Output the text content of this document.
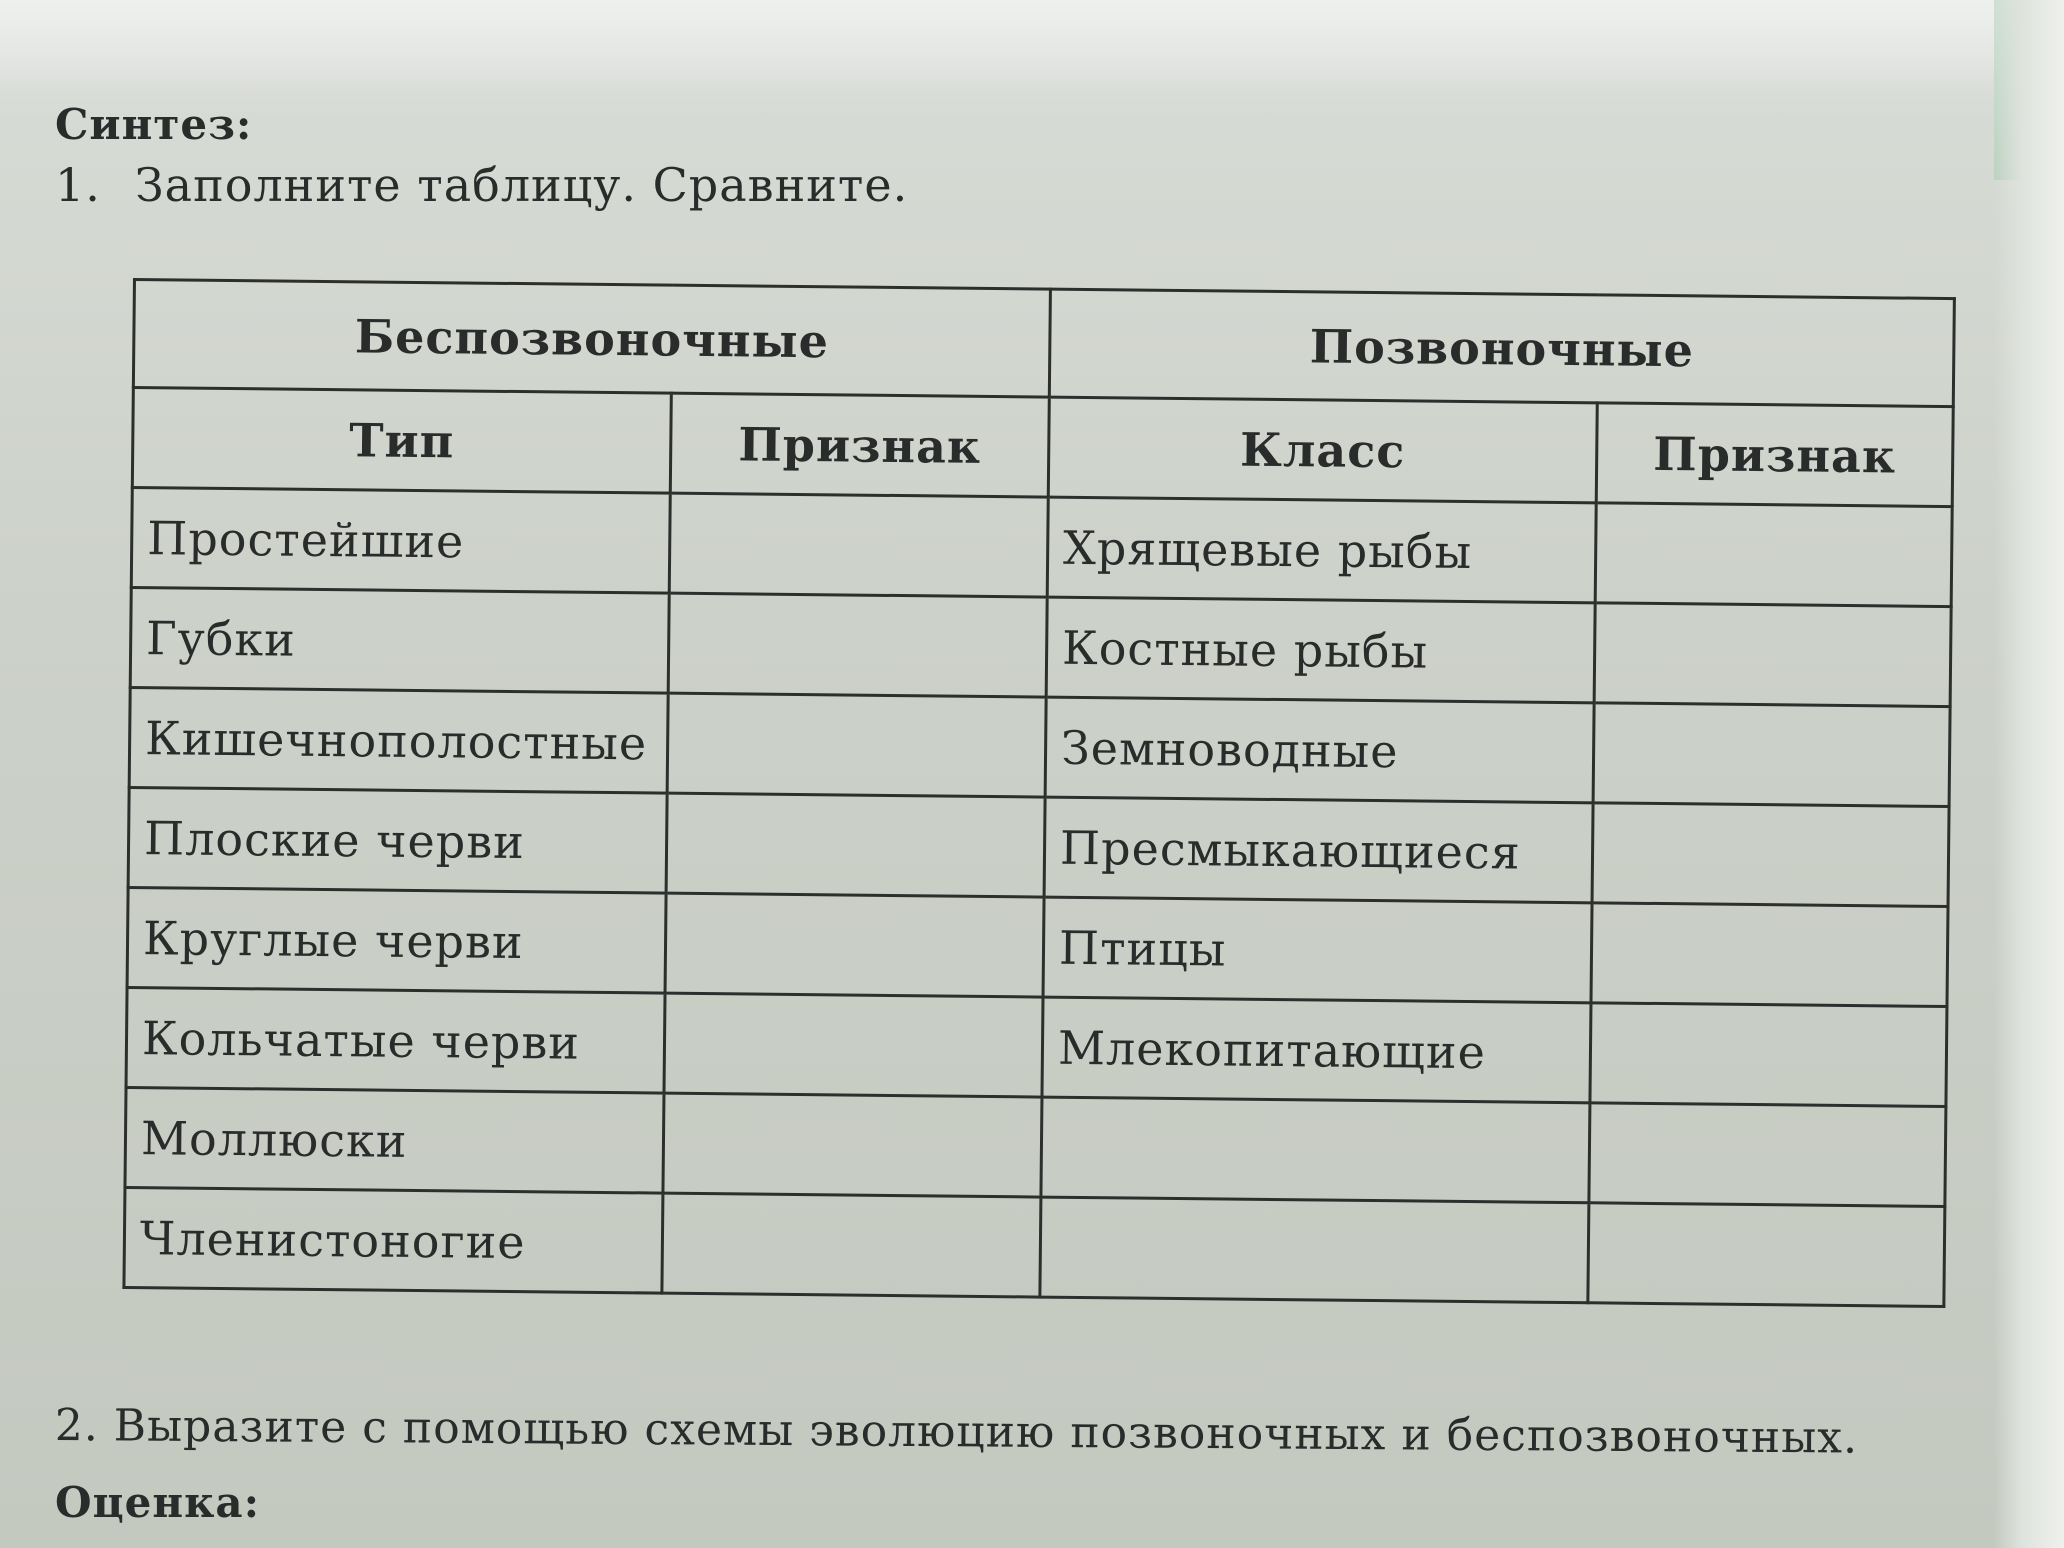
Синтез:
1. Заполните таблицу. Сравните.
Беспозвоночные		Позвоночные	
Тип	Признак	Класс	Признак
Простейшие		Хрящевые рыбы	
Губки		Костные рыбы	
Кишечнополостные		Земноводные	
Плоские черви		Пресмыкающиеся	
Круглые черви		Птицы	
Кольчатые черви		Млекопитающие	
Моллюски			
Членистоногие			
2. Выразите с помощью схемы эволюцию позвоночных и беспозвоночных.
Оценка:
